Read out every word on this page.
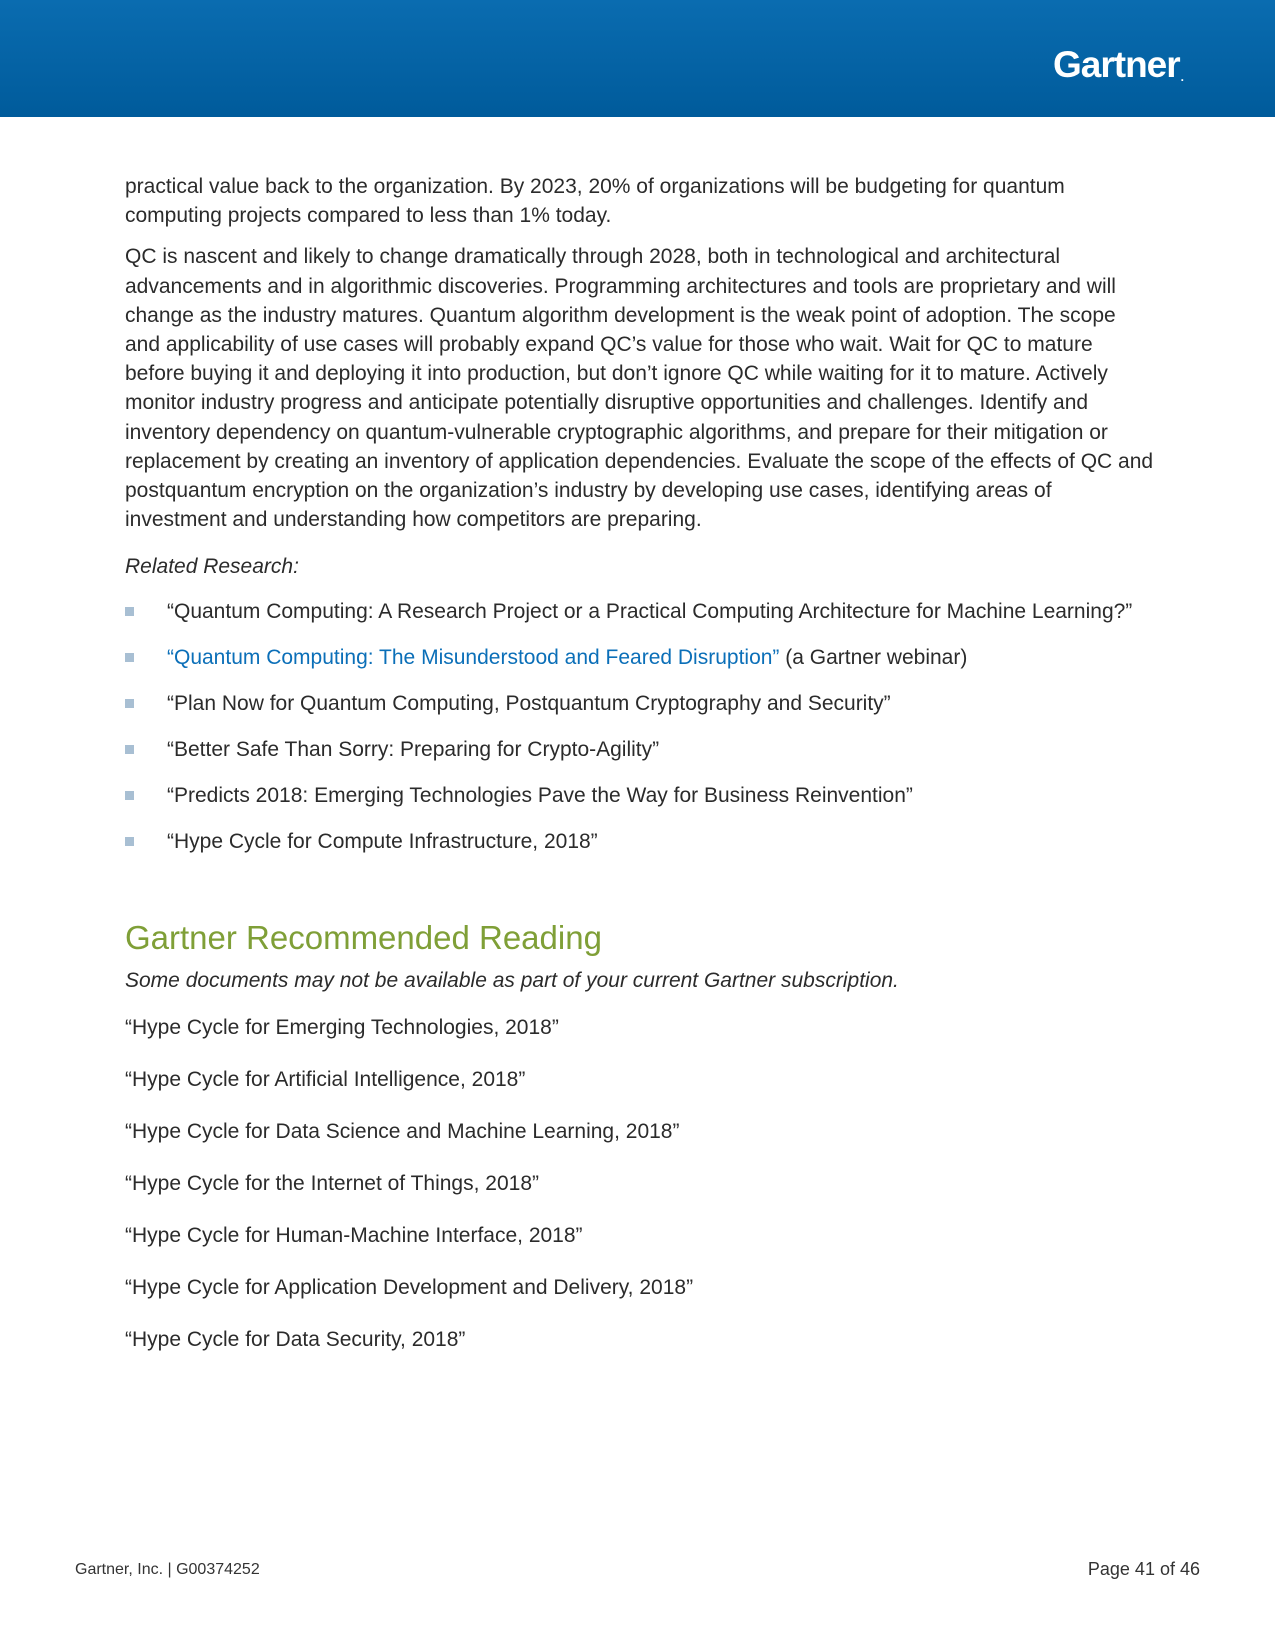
Gartner.

practical value back to the organization. By 2023, 20% of organizations will be budgeting for quantum computing projects compared to less than 1% today.

QC is nascent and likely to change dramatically through 2028, both in technological and architectural advancements and in algorithmic discoveries. Programming architectures and tools are proprietary and will change as the industry matures. Quantum algorithm development is the weak point of adoption. The scope and applicability of use cases will probably expand QC’s value for those who wait. Wait for QC to mature before buying it and deploying it into production, but don’t ignore QC while waiting for it to mature. Actively monitor industry progress and anticipate potentially disruptive opportunities and challenges. Identify and inventory dependency on quantum-vulnerable cryptographic algorithms, and prepare for their mitigation or replacement by creating an inventory of application dependencies. Evaluate the scope of the effects of QC and postquantum encryption on the organization’s industry by developing use cases, identifying areas of investment and understanding how competitors are preparing.

Related Research:

“Quantum Computing: A Research Project or a Practical Computing Architecture for Machine Learning?”
“Quantum Computing: The Misunderstood and Feared Disruption” (a Gartner webinar)
“Plan Now for Quantum Computing, Postquantum Cryptography and Security”
“Better Safe Than Sorry: Preparing for Crypto-Agility”
“Predicts 2018: Emerging Technologies Pave the Way for Business Reinvention”
“Hype Cycle for Compute Infrastructure, 2018”
Gartner Recommended Reading

Some documents may not be available as part of your current Gartner subscription.

“Hype Cycle for Emerging Technologies, 2018”

“Hype Cycle for Artificial Intelligence, 2018”

“Hype Cycle for Data Science and Machine Learning, 2018”

“Hype Cycle for the Internet of Things, 2018”

“Hype Cycle for Human-Machine Interface, 2018”

“Hype Cycle for Application Development and Delivery, 2018”

“Hype Cycle for Data Security, 2018”

Gartner, Inc. | G00374252	Page 41 of 46
